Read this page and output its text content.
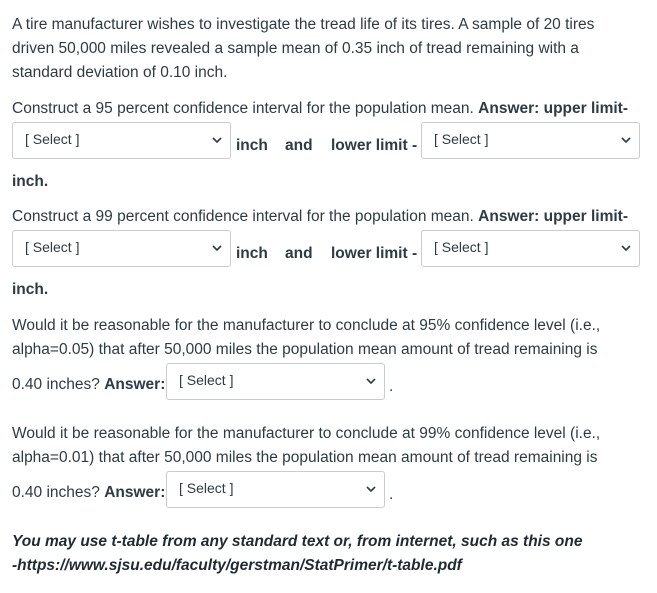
A tire manufacturer wishes to investigate the tread life of its tires. A sample of 20 tires
driven 50,000 miles revealed a sample mean of 0.35 inch of tread remaining with a
standard deviation of 0.10 inch.
Construct a 95 percent confidence interval for the population mean. Answer: upper limit-
[ Select ]	inch and lower limit - [ Select ]
inch.
Construct a 99 percent confidence interval for the population mean. Answer: upper limit-
[ Select ]	inch and lower limit - [ Select ]
inch.
Would it be reasonable for the manufacturer to conclude at 95% confidence level (i.e.,
alpha=0.05) that after 50,000 miles the population mean amount of tread remaining is
0.40 inches? Answer: [ Select ]	.
Would it be reasonable for the manufacturer to conclude at 99% confidence level (i.e.,
alpha=0.01) that after 50,000 miles the population mean amount of tread remaining is
0.40 inches? Answer: [ Select ]	.
You may use t-table from any standard text or, from internet, such as this one
-https://www.sjsu.edu/faculty/gerstman/StatPrimer/t-table.pdf
